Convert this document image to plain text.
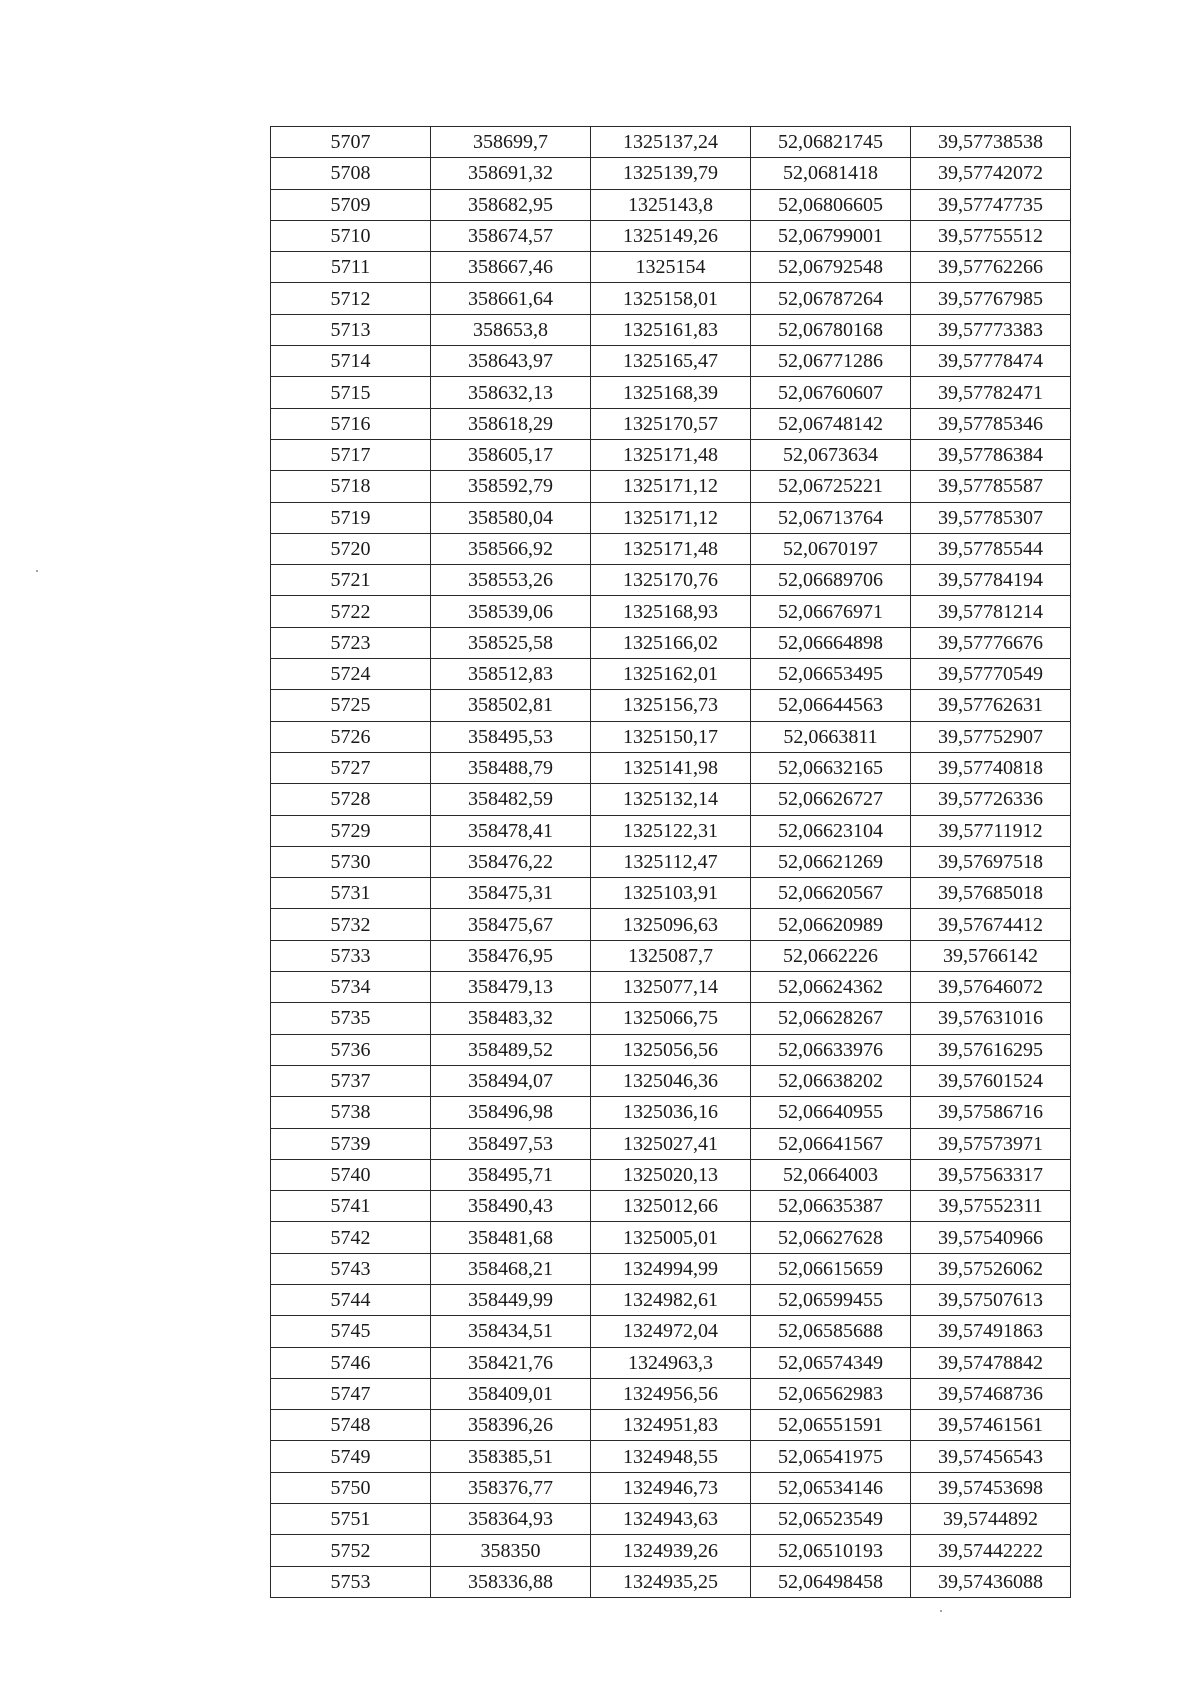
5707	358699,7	1325137,24	52,06821745	39,57738538
5708	358691,32	1325139,79	52,0681418	39,57742072
5709	358682,95	1325143,8	52,06806605	39,57747735
5710	358674,57	1325149,26	52,06799001	39,57755512
5711	358667,46	1325154	52,06792548	39,57762266
5712	358661,64	1325158,01	52,06787264	39,57767985
5713	358653,8	1325161,83	52,06780168	39,57773383
5714	358643,97	1325165,47	52,06771286	39,57778474
5715	358632,13	1325168,39	52,06760607	39,57782471
5716	358618,29	1325170,57	52,06748142	39,57785346
5717	358605,17	1325171,48	52,0673634	39,57786384
5718	358592,79	1325171,12	52,06725221	39,57785587
5719	358580,04	1325171,12	52,06713764	39,57785307
5720	358566,92	1325171,48	52,0670197	39,57785544
5721	358553,26	1325170,76	52,06689706	39,57784194
5722	358539,06	1325168,93	52,06676971	39,57781214
5723	358525,58	1325166,02	52,06664898	39,57776676
5724	358512,83	1325162,01	52,06653495	39,57770549
5725	358502,81	1325156,73	52,06644563	39,57762631
5726	358495,53	1325150,17	52,0663811	39,57752907
5727	358488,79	1325141,98	52,06632165	39,57740818
5728	358482,59	1325132,14	52,06626727	39,57726336
5729	358478,41	1325122,31	52,06623104	39,57711912
5730	358476,22	1325112,47	52,06621269	39,57697518
5731	358475,31	1325103,91	52,06620567	39,57685018
5732	358475,67	1325096,63	52,06620989	39,57674412
5733	358476,95	1325087,7	52,0662226	39,5766142
5734	358479,13	1325077,14	52,06624362	39,57646072
5735	358483,32	1325066,75	52,06628267	39,57631016
5736	358489,52	1325056,56	52,06633976	39,57616295
5737	358494,07	1325046,36	52,06638202	39,57601524
5738	358496,98	1325036,16	52,06640955	39,57586716
5739	358497,53	1325027,41	52,06641567	39,57573971
5740	358495,71	1325020,13	52,0664003	39,57563317
5741	358490,43	1325012,66	52,06635387	39,57552311
5742	358481,68	1325005,01	52,06627628	39,57540966
5743	358468,21	1324994,99	52,06615659	39,57526062
5744	358449,99	1324982,61	52,06599455	39,57507613
5745	358434,51	1324972,04	52,06585688	39,57491863
5746	358421,76	1324963,3	52,06574349	39,57478842
5747	358409,01	1324956,56	52,06562983	39,57468736
5748	358396,26	1324951,83	52,06551591	39,57461561
5749	358385,51	1324948,55	52,06541975	39,57456543
5750	358376,77	1324946,73	52,06534146	39,57453698
5751	358364,93	1324943,63	52,06523549	39,5744892
5752	358350	1324939,26	52,06510193	39,57442222
5753	358336,88	1324935,25	52,06498458	39,57436088
